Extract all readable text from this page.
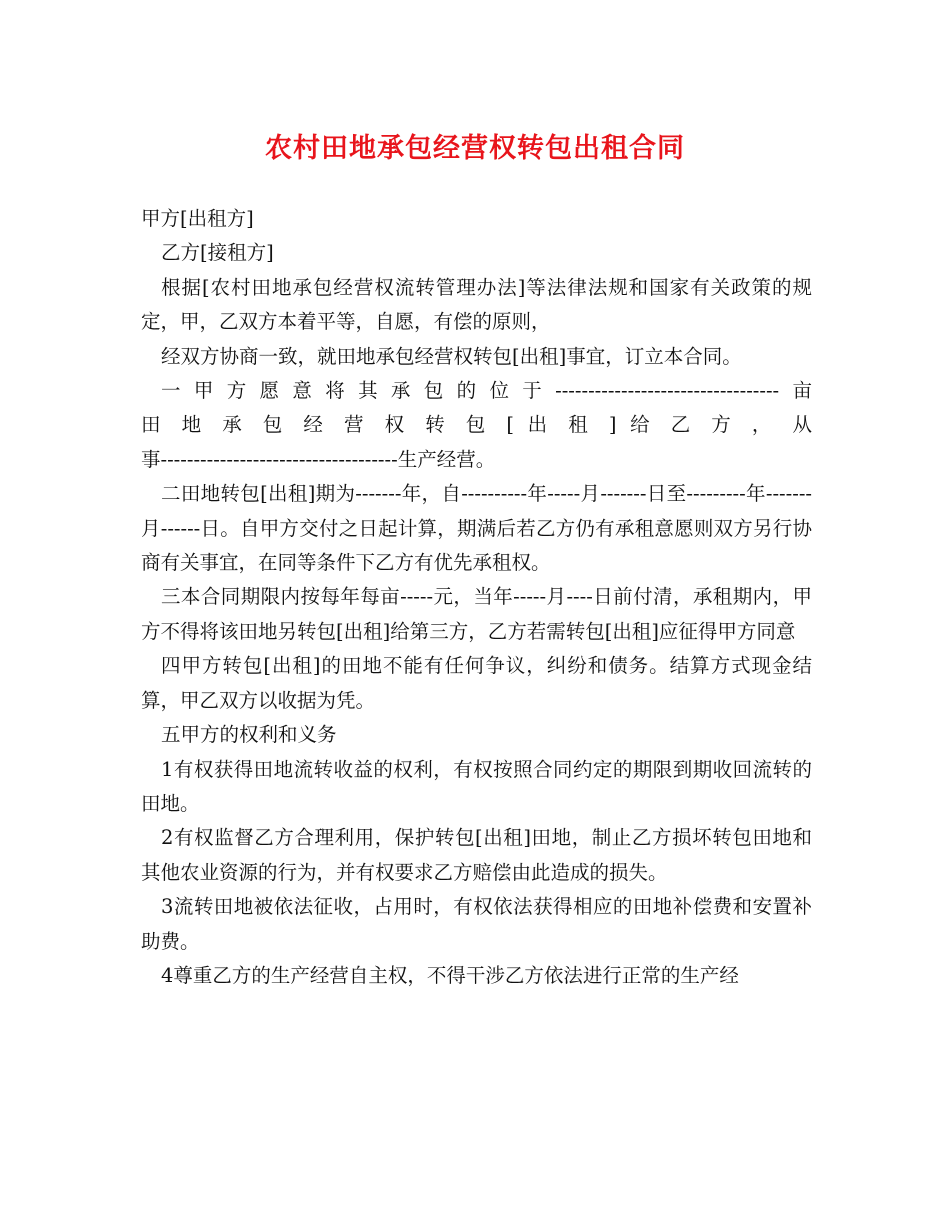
农村田地承包经营权转包出租合同

甲方[出租方]

乙方[接租方]

根据[农村田地承包经营权流转管理办法]等法律法规和国家有关政策的规定，甲，乙双方本着平等，自愿，有偿的原则，

经双方协商一致，就田地承包经营权转包[出租]事宜，订立本合同。

一甲方愿意将其承包的位于----------------------------------亩

田 地 承 包 经 营 权 转 包 [ 出 租 ] 给 乙 方 ， 从

事------------------------------------生产经营。

二田地转包[出租]期为-------年，自----------年-----月-------日至---------年-------月------日。自甲方交付之日起计算，期满后若乙方仍有承租意愿则双方另行协商有关事宜，在同等条件下乙方有优先承租权。

三本合同期限内按每年每亩-----元，当年-----月----日前付清，承租期内，甲方不得将该田地另转包[出租]给第三方，乙方若需转包[出租]应征得甲方同意

四甲方转包[出租]的田地不能有任何争议，纠纷和债务。结算方式现金结算，甲乙双方以收据为凭。

五甲方的权利和义务

1有权获得田地流转收益的权利，有权按照合同约定的期限到期收回流转的田地。

2有权监督乙方合理利用，保护转包[出租]田地，制止乙方损坏转包田地和其他农业资源的行为，并有权要求乙方赔偿由此造成的损失。

3流转田地被依法征收，占用时，有权依法获得相应的田地补偿费和安置补助费。

4尊重乙方的生产经营自主权，不得干涉乙方依法进行正常的生产经
